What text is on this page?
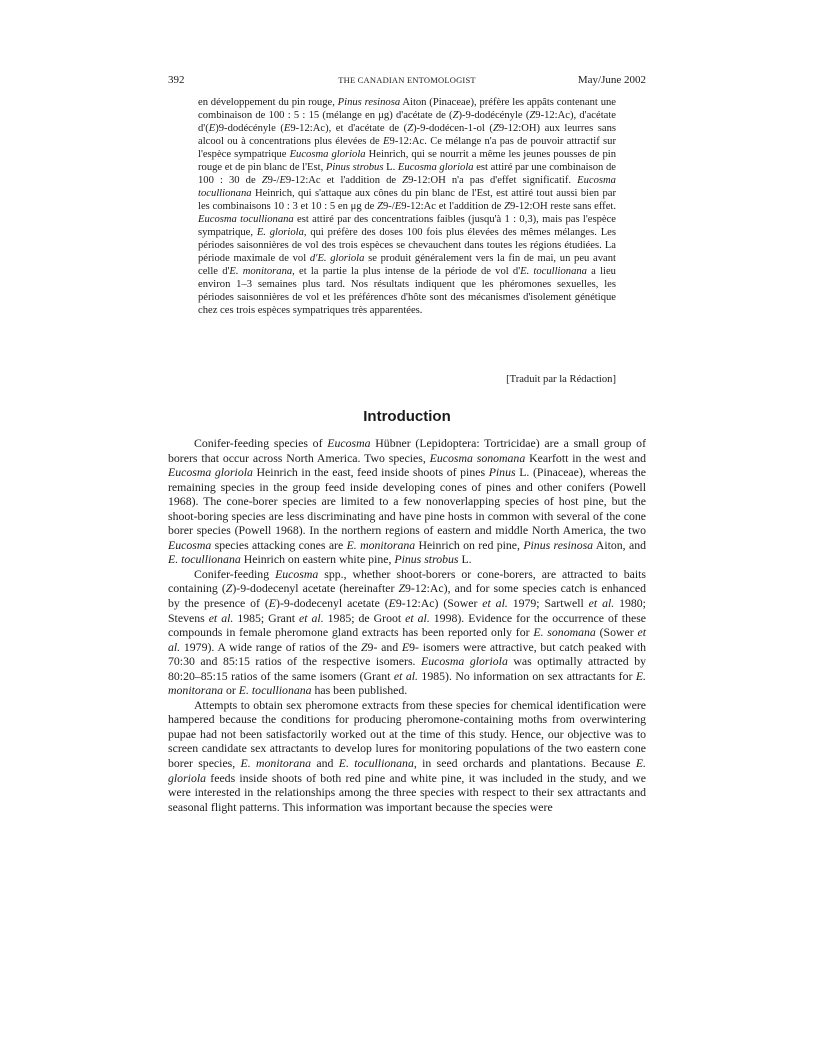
392	THE CANADIAN ENTOMOLOGIST	May/June 2002

en développement du pin rouge, Pinus resinosa Aiton (Pinaceae), préfère les appâts contenant une combinaison de 100 : 5 : 15 (mélange en μg) d'acétate de (Z)-9-dodécényle (Z9-12:Ac), d'acétate d'(E)9-dodécényle (E9-12:Ac), et d'acétate de (Z)-9-dodécen-1-ol (Z9-12:OH) aux leurres sans alcool ou à concentrations plus élevées de E9-12:Ac. Ce mélange n'a pas de pouvoir attractif sur l'espèce sympatrique Eucosma gloriola Heinrich, qui se nourrit a même les jeunes pousses de pin rouge et de pin blanc de l'Est, Pinus strobus L. Eucosma gloriola est attiré par une combinaison de 100 : 30 de Z9-/E9-12:Ac et l'addition de Z9-12:OH n'a pas d'effet significatif. Eucosma tocullionana Heinrich, qui s'attaque aux cônes du pin blanc de l'Est, est attiré tout aussi bien par les combinaisons 10 : 3 et 10 : 5 en μg de Z9-/E9-12:Ac et l'addition de Z9-12:OH reste sans effet. Eucosma tocullionana est attiré par des concentrations faibles (jusqu'à 1 : 0,3), mais pas l'espèce sympatrique, E. gloriola, qui préfère des doses 100 fois plus élevées des mêmes mélanges. Les périodes saisonnières de vol des trois espèces se chevauchent dans toutes les régions étudiées. La période maximale de vol d'E. gloriola se produit généralement vers la fin de mai, un peu avant celle d'E. monitorana, et la partie la plus intense de la période de vol d'E. tocullionana a lieu environ 1–3 semaines plus tard. Nos résultats indiquent que les phéromones sexuelles, les périodes saisonnières de vol et les préférences d'hôte sont des mécanismes d'isolement génétique chez ces trois espèces sympatriques très apparentées.

[Traduit par la Rédaction]
Introduction

Conifer-feeding species of Eucosma Hübner (Lepidoptera: Tortricidae) are a small group of borers that occur across North America. Two species, Eucosma sonomana Kearfott in the west and Eucosma gloriola Heinrich in the east, feed inside shoots of pines Pinus L. (Pinaceae), whereas the remaining species in the group feed inside developing cones of pines and other conifers (Powell 1968). The cone-borer species are limited to a few nonoverlapping species of host pine, but the shoot-boring species are less discriminating and have pine hosts in common with several of the cone borer species (Powell 1968). In the northern regions of eastern and middle North America, the two Eucosma species attacking cones are E. monitorana Heinrich on red pine, Pinus resinosa Aiton, and E. tocullionana Heinrich on eastern white pine, Pinus strobus L.

Conifer-feeding Eucosma spp., whether shoot-borers or cone-borers, are attracted to baits containing (Z)-9-dodecenyl acetate (hereinafter Z9-12:Ac), and for some species catch is enhanced by the presence of (E)-9-dodecenyl acetate (E9-12:Ac) (Sower et al. 1979; Sartwell et al. 1980; Stevens et al. 1985; Grant et al. 1985; de Groot et al. 1998). Evidence for the occurrence of these compounds in female pheromone gland extracts has been reported only for E. sonomana (Sower et al. 1979). A wide range of ratios of the Z9- and E9- isomers were attractive, but catch peaked with 70:30 and 85:15 ratios of the respective isomers. Eucosma gloriola was optimally attracted by 80:20–85:15 ratios of the same isomers (Grant et al. 1985). No information on sex attractants for E. monitorana or E. tocullionana has been published.

Attempts to obtain sex pheromone extracts from these species for chemical identification were hampered because the conditions for producing pheromone-containing moths from overwintering pupae had not been satisfactorily worked out at the time of this study. Hence, our objective was to screen candidate sex attractants to develop lures for monitoring populations of the two eastern cone borer species, E. monitorana and E. tocullionana, in seed orchards and plantations. Because E. gloriola feeds inside shoots of both red pine and white pine, it was included in the study, and we were interested in the relationships among the three species with respect to their sex attractants and seasonal flight patterns. This information was important because the species were
